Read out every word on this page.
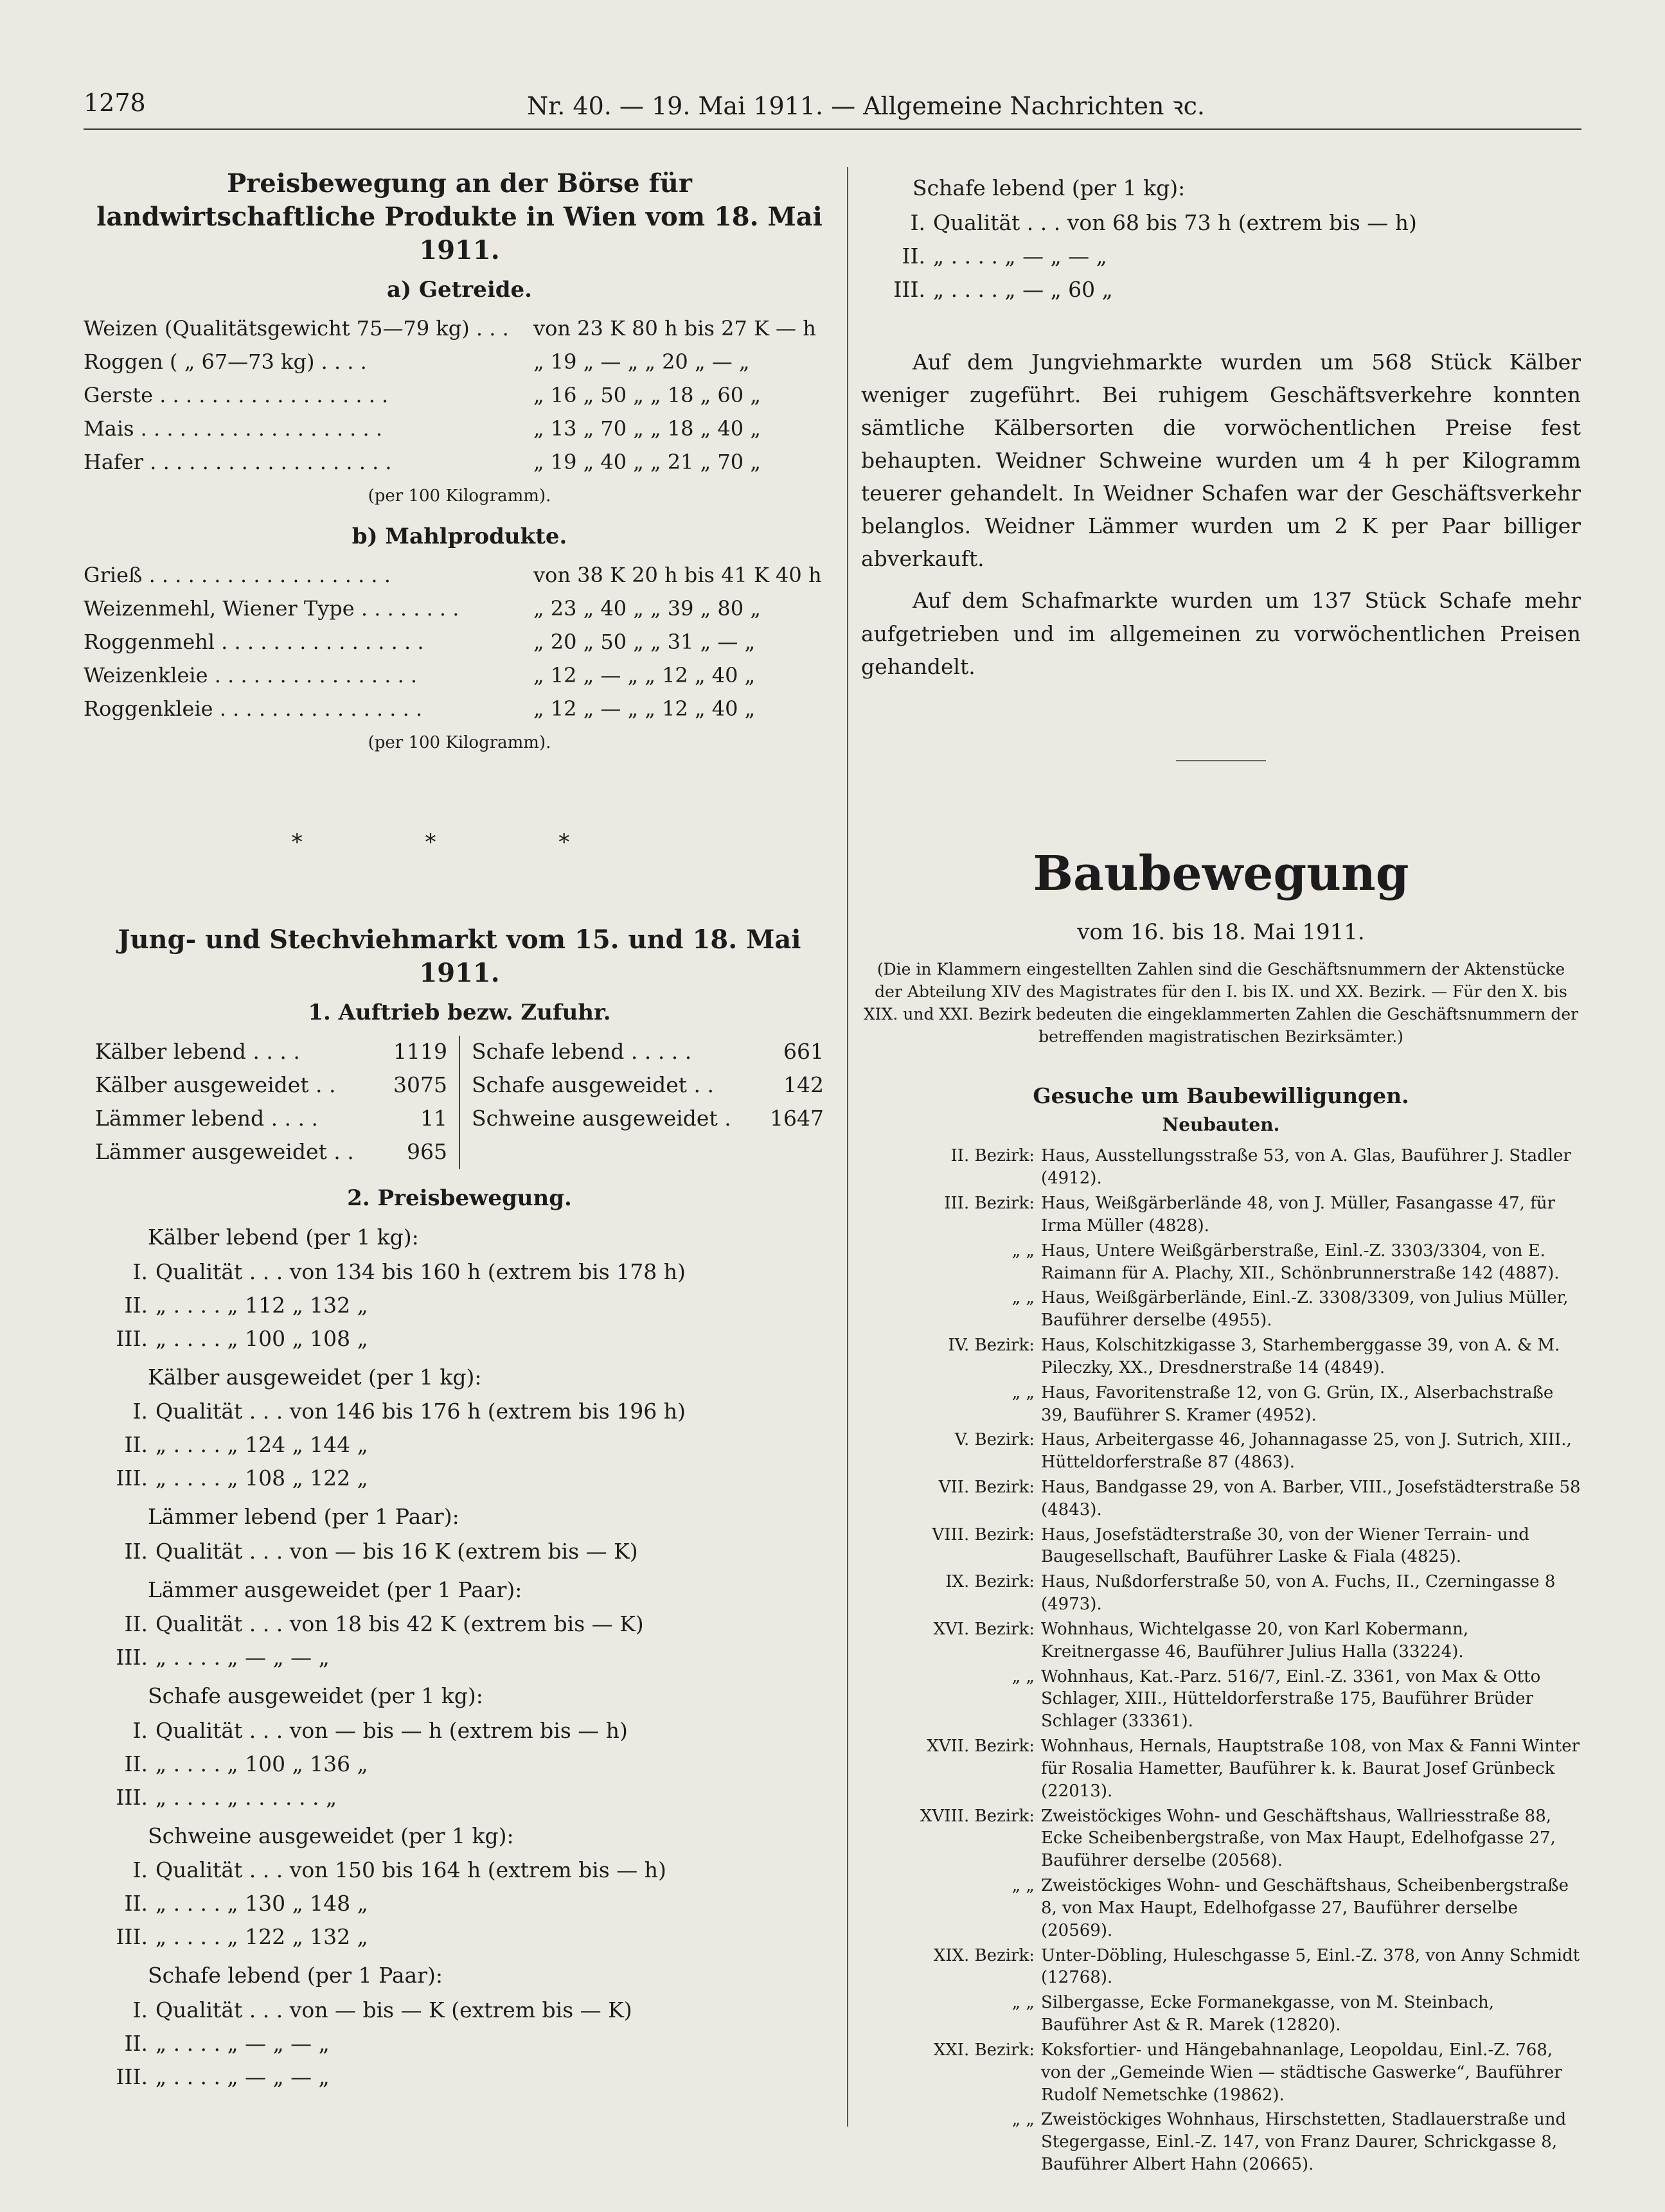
1278	Nr. 40. — 19. Mai 1911. — Allgemeine Nachrichten ꝛc.
Preisbewegung an der Börse für landwirtschaftliche Produkte in Wien vom 18. Mai 1911.
a) Getreide.
Weizen (Qualitätsgewicht 75—79 kg) . . . von 23 K 80 h bis 27 K — h
Roggen ( „ 67—73 kg) . . . .	„ 19 „ — „ „ 20 „ — „
Gerste . . . . . . . . . . . . . . . . . .	„ 16 „ 50 „ „ 18 „ 60 „
Mais . . . . . . . . . . . . . . . . . . .	„ 13 „ 70 „ „ 18 „ 40 „
Hafer . . . . . . . . . . . . . . . . . . .	„ 19 „ 40 „ „ 21 „ 70 „
(per 100 Kilogramm).
b) Mahlprodukte.
Grieß . . . . . . . . . . . . . . . . . . .	von 38 K 20 h bis 41 K 40 h
Weizenmehl, Wiener Type . . . . . . . .	„ 23 „ 40 „ „ 39 „ 80 „
Roggenmehl . . . . . . . . . . . . . . . .	„ 20 „ 50 „ „ 31 „ — „
Weizenkleie . . . . . . . . . . . . . . . .	„ 12 „ — „ „ 12 „ 40 „
Roggenkleie . . . . . . . . . . . . . . . .	„ 12 „ — „ „ 12 „ 40 „
(per 100 Kilogramm).
* * *
Jung- und Stechviehmarkt vom 15. und 18. Mai 1911.
1. Auftrieb bezw. Zufuhr.
Kälber lebend . . . .	1119
Kälber ausgeweidet . .	3075
Lämmer lebend . . . .	11
Lämmer ausgeweidet . . 965
Schafe lebend . . . . .	661
Schafe ausgeweidet . .	142
Schweine ausgeweidet . 1647
2. Preisbewegung.
Kälber lebend (per 1 kg):
I. Qualität . . . von 134 bis 160 h (extrem bis 178 h)
II. „ . . . . „ 112 „ 132 „
III. „ . . . . „ 100 „ 108 „
Kälber ausgeweidet (per 1 kg):
I. Qualität . . . von 146 bis 176 h (extrem bis 196 h)
II. „ . . . . „ 124 „ 144 „
III. „ . . . . „ 108 „ 122 „
Lämmer lebend (per 1 Paar):
II. Qualität . . . von — bis 16 K (extrem bis — K)
Lämmer ausgeweidet (per 1 Paar):
II. Qualität . . . von 18 bis 42 K (extrem bis — K)
III. „ . . . . „ — „ — „
Schafe ausgeweidet (per 1 kg):
I. Qualität . . . von — bis — h (extrem bis — h)
II. „ . . . . „ 100 „ 136 „
III. „ . . . . „ . . . . . . „
Schweine ausgeweidet (per 1 kg):
I. Qualität . . . von 150 bis 164 h (extrem bis — h)
II. „ . . . . „ 130 „ 148 „
III. „ . . . . „ 122 „ 132 „
Schafe lebend (per 1 Paar):
I. Qualität . . . von — bis — K (extrem bis — K)
II. „ . . . . „ — „ — „
III. „ . . . . „ — „ — „
Schafe lebend (per 1 kg):
I. Qualität . . . von 68 bis 73 h (extrem bis — h)
II. „ . . . . „ — „ — „
III. „ . . . . „ — „ 60 „

Auf dem Jungviehmarkte wurden um 568 Stück Kälber weniger zugeführt. Bei ruhigem Geschäftsverkehre konnten sämtliche Kälbersorten die vorwöchentlichen Preise fest behaupten. Weidner Schweine wurden um 4 h per Kilogramm teuerer gehandelt. In Weidner Schafen war der Geschäftsverkehr belanglos. Weidner Lämmer wurden um 2 K per Paar billiger abverkauft.

Auf dem Schafmarkte wurden um 137 Stück Schafe mehr aufgetrieben und im allgemeinen zu vorwöchentlichen Preisen gehandelt.

Baubewegung
vom 16. bis 18. Mai 1911.
(Die in Klammern eingestellten Zahlen sind die Geschäftsnummern der Aktenstücke der Abteilung XIV des Magistrates für den I. bis IX. und XX. Bezirk. — Für den X. bis XIX. und XXI. Bezirk bedeuten die eingeklammerten Zahlen die Geschäftsnummern der betreffenden magistratischen Bezirksämter.)
Gesuche um Baubewilligungen.
Neubauten.
II. Bezirk: Haus, Ausstellungsstraße 53, von A. Glas, Bauführer J. Stadler (4912).
III. Bezirk: Haus, Weißgärberlände 48, von J. Müller, Fasangasse 47, für Irma Müller (4828).
„ „ Haus, Untere Weißgärberstraße, Einl.-Z. 3303/3304, von E. Raimann für A. Plachy, XII., Schönbrunnerstraße 142 (4887).
„ „ Haus, Weißgärberlände, Einl.-Z. 3308/3309, von Julius Müller, Bauführer derselbe (4955).
IV. Bezirk: Haus, Kolschitzkigasse 3, Starhemberggasse 39, von A. & M. Pileczky, XX., Dresdnerstraße 14 (4849).
„ „ Haus, Favoritenstraße 12, von G. Grün, IX., Alserbachstraße 39, Bauführer S. Kramer (4952).
V. Bezirk: Haus, Arbeitergasse 46, Johannagasse 25, von J. Sutrich, XIII., Hütteldorferstraße 87 (4863).
VII. Bezirk: Haus, Bandgasse 29, von A. Barber, VIII., Josefstädterstraße 58 (4843).
VIII. Bezirk: Haus, Josefstädterstraße 30, von der Wiener Terrain- und Baugesellschaft, Bauführer Laske & Fiala (4825).
IX. Bezirk: Haus, Nußdorferstraße 50, von A. Fuchs, II., Czerningasse 8 (4973).
XVI. Bezirk: Wohnhaus, Wichtelgasse 20, von Karl Kobermann, Kreitnergasse 46, Bauführer Julius Halla (33224).
„ „ Wohnhaus, Kat.-Parz. 516/7, Einl.-Z. 3361, von Max & Otto Schlager, XIII., Hütteldorferstraße 175, Bauführer Brüder Schlager (33361).
XVII. Bezirk: Wohnhaus, Hernals, Hauptstraße 108, von Max & Fanni Winter für Rosalia Hametter, Bauführer k. k. Baurat Josef Grünbeck (22013).
XVIII. Bezirk: Zweistöckiges Wohn- und Geschäftshaus, Wallriesstraße 88, Ecke Scheibenbergstraße, von Max Haupt, Edelhofgasse 27, Bauführer derselbe (20568).
„ „ Zweistöckiges Wohn- und Geschäftshaus, Scheibenbergstraße 8, von Max Haupt, Edelhofgasse 27, Bauführer derselbe (20569).
XIX. Bezirk: Unter-Döbling, Huleschgasse 5, Einl.-Z. 378, von Anny Schmidt (12768).
„ „ Silbergasse, Ecke Formanekgasse, von M. Steinbach, Bauführer Ast & R. Marek (12820).
XXI. Bezirk: Koksfortier- und Hängebahnanlage, Leopoldau, Einl.-Z. 768, von der „Gemeinde Wien — städtische Gaswerke“, Bauführer Rudolf Nemetschke (19862).
„ „ Zweistöckiges Wohnhaus, Hirschstetten, Stadlauerstraße und Stegergasse, Einl.-Z. 147, von Franz Daurer, Schrickgasse 8, Bauführer Albert Hahn (20665).
